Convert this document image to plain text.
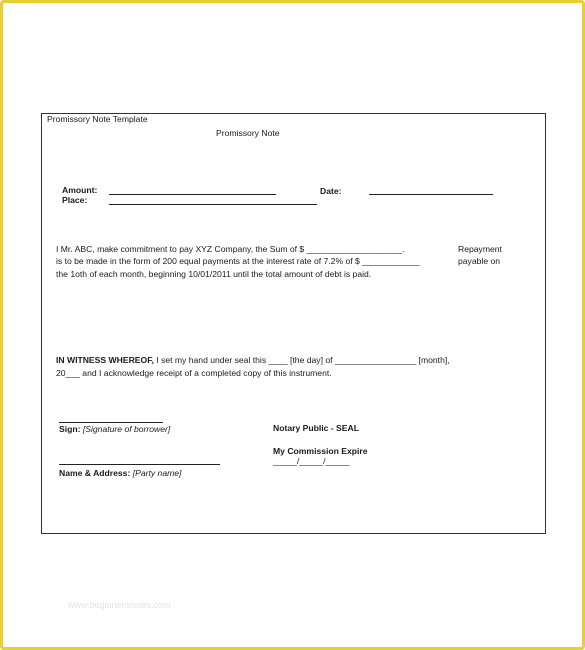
Promissory Note Template
Promissory Note
Amount:
Place:
Date:
I Mr. ABC, make commitment to pay XYZ Company, the Sum of $ ____________________.	Repayment
is to be made in the form of 200 equal payments at the interest rate of 7.2% of $ ____________	payable on
the 1oth of each month, beginning 10/01/2011 until the total amount of debt is paid.
IN WITNESS WHEREOF, I set my hand under seal this ____ [the day] of _________________ [month],
20___ and I acknowledge receipt of a completed copy of this instrument.
Sign: [Signature of borrower]
Name & Address: [Party name]
Notary Public - SEAL
My Commission Expire
_____/_____/_____
www.beginnersnotes.com
